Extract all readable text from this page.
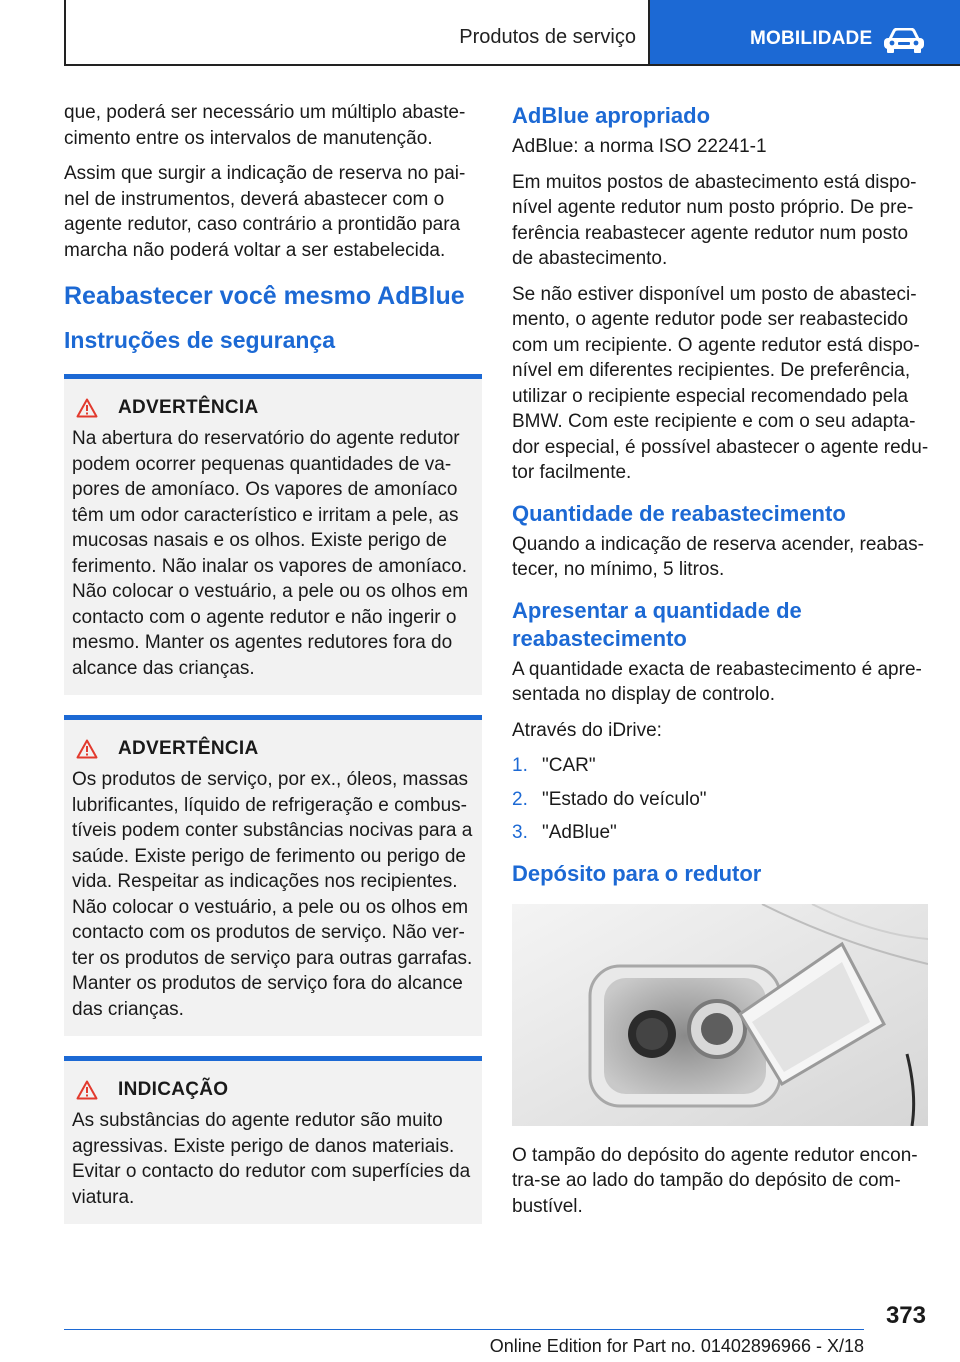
Produtos de serviço	MOBILIDADE

que, poderá ser necessário um múltiplo abastecimento entre os intervalos de manutenção.

Assim que surgir a indicação de reserva no painel de instrumentos, deverá abastecer com o agente redutor, caso contrário a prontidão para marcha não poderá voltar a ser estabelecida.

Reabastecer você mesmo AdBlue
Instruções de segurança
ADVERTÊNCIA

Na abertura do reservatório do agente redutor podem ocorrer pequenas quantidades de vapores de amoníaco. Os vapores de amoníaco têm um odor característico e irritam a pele, as mucosas nasais e os olhos. Existe perigo de ferimento. Não inalar os vapores de amoníaco. Não colocar o vestuário, a pele ou os olhos em contacto com o agente redutor e não ingerir o mesmo. Manter os agentes redutores fora do alcance das crianças.

ADVERTÊNCIA

Os produtos de serviço, por ex., óleos, massas lubrificantes, líquido de refrigeração e combustíveis podem conter substâncias nocivas para a saúde. Existe perigo de ferimento ou perigo de vida. Respeitar as indicações nos recipientes. Não colocar o vestuário, a pele ou os olhos em contacto com os produtos de serviço. Não verter os produtos de serviço para outras garrafas. Manter os produtos de serviço fora do alcance das crianças.

INDICAÇÃO

As substâncias do agente redutor são muito agressivas. Existe perigo de danos materiais. Evitar o contacto do redutor com superfícies da viatura.

AdBlue apropriado

AdBlue: a norma ISO 22241-1

Em muitos postos de abastecimento está disponível agente redutor num posto próprio. De preferência reabastecer agente redutor num posto de abastecimento.

Se não estiver disponível um posto de abastecimento, o agente redutor pode ser reabastecido com um recipiente. O agente redutor está disponível em diferentes recipientes. De preferência, utilizar o recipiente especial recomendado pela BMW. Com este recipiente e com o seu adaptador especial, é possível abastecer o agente redutor facilmente.

Quantidade de reabastecimento

Quando a indicação de reserva acender, reabastecer, no mínimo, 5 litros.

Apresentar a quantidade de reabastecimento

A quantidade exacta de reabastecimento é apresentada no display de controlo.

Através do iDrive:

1. "CAR"
2. "Estado do veículo"
3. "AdBlue"
Depósito para o redutor

O tampão do depósito do agente redutor encontra-se ao lado do tampão do depósito de combustível.

373
Online Edition for Part no. 01402896966 - X/18
